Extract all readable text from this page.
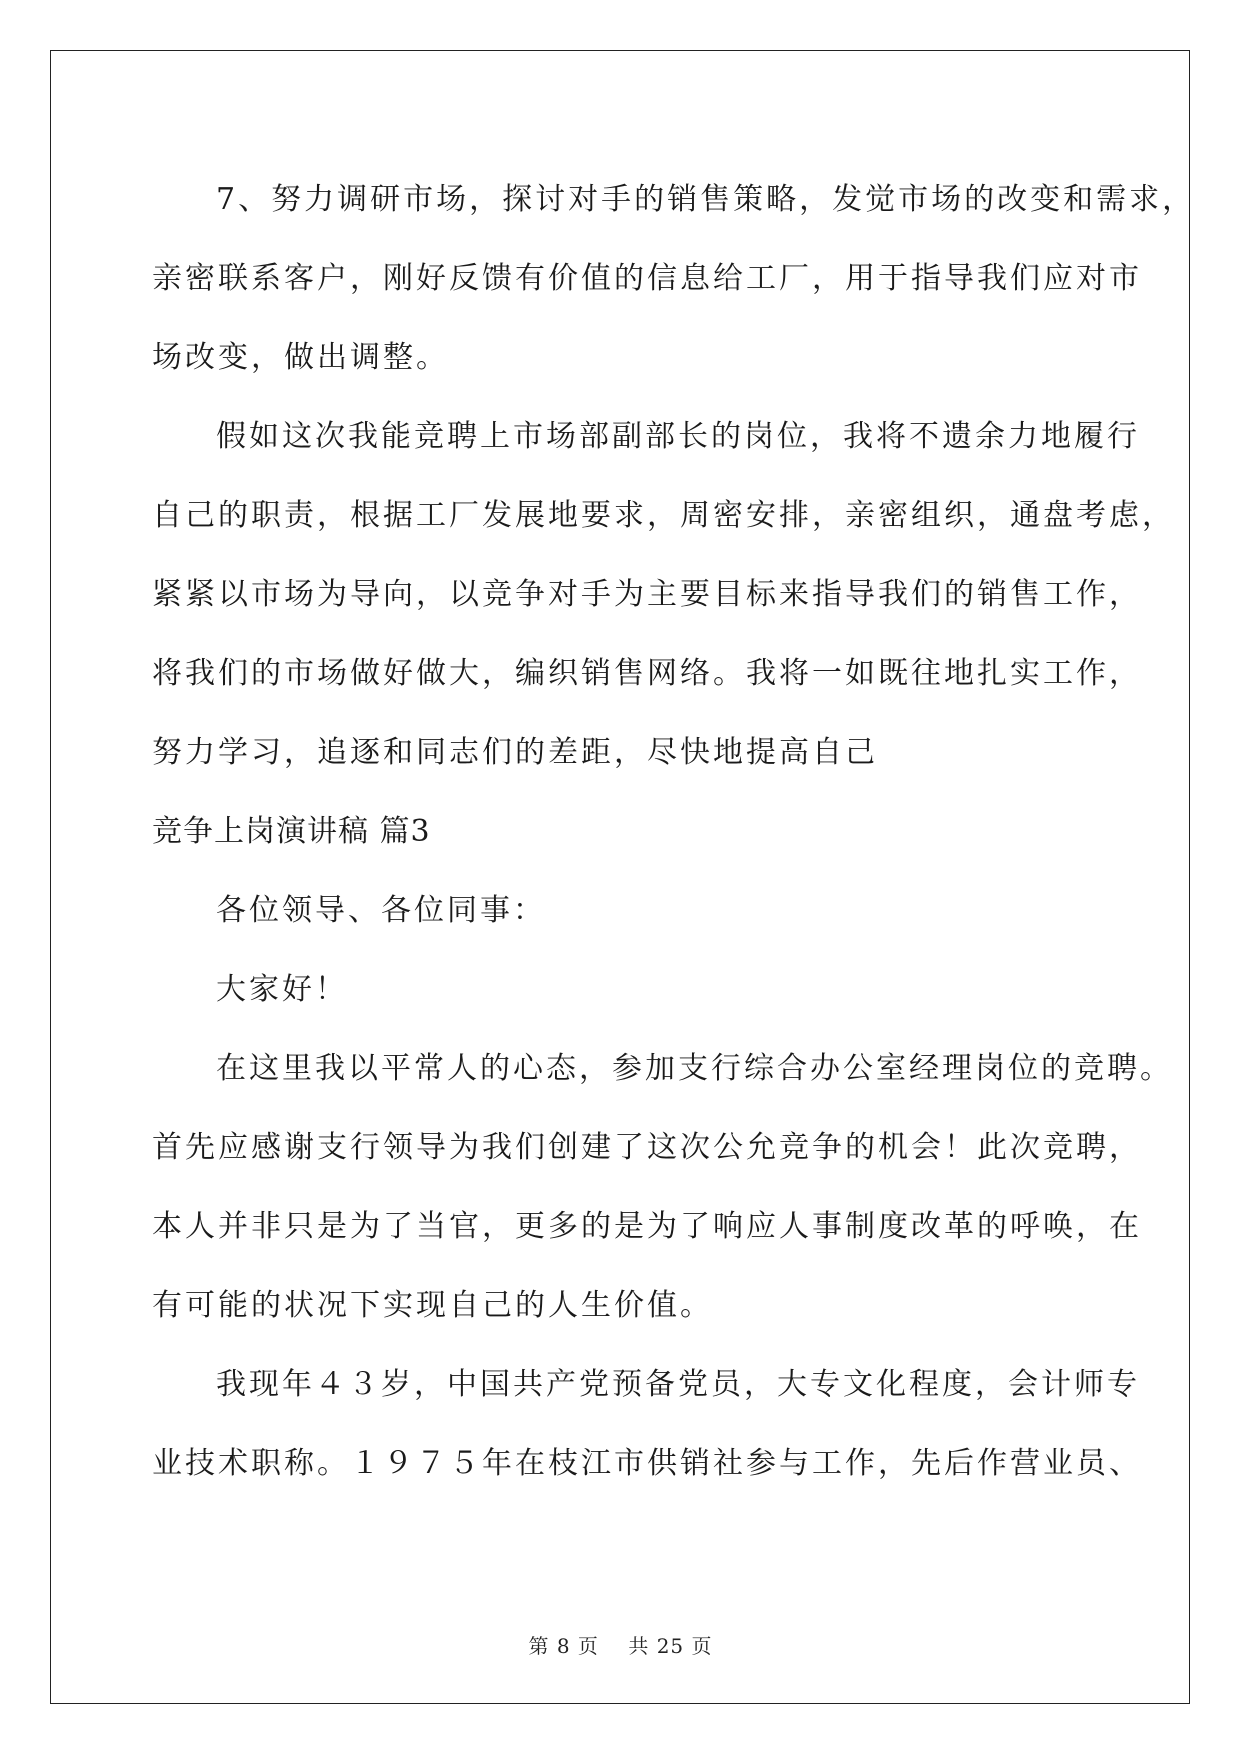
7、努力调研市场，探讨对手的销售策略，发觉市场的改变和需求，

亲密联系客户，刚好反馈有价值的信息给工厂，用于指导我们应对市

场改变，做出调整。

假如这次我能竞聘上市场部副部长的岗位，我将不遗余力地履行

自己的职责，根据工厂发展地要求，周密安排，亲密组织，通盘考虑，

紧紧以市场为导向，以竞争对手为主要目标来指导我们的销售工作，

将我们的市场做好做大，编织销售网络。我将一如既往地扎实工作，

努力学习，追逐和同志们的差距，尽快地提高自己

竞争上岗演讲稿 篇3

各位领导、各位同事：

大家好！

在这里我以平常人的心态，参加支行综合办公室经理岗位的竞聘。

首先应感谢支行领导为我们创建了这次公允竞争的机会！此次竞聘，

本人并非只是为了当官，更多的是为了响应人事制度改革的呼唤，在

有可能的状况下实现自己的人生价值。

我现年４３岁，中国共产党预备党员，大专文化程度，会计师专

业技术职称。１９７５年在枝江市供销社参与工作，先后作营业员、

第 8 页    共 25 页
